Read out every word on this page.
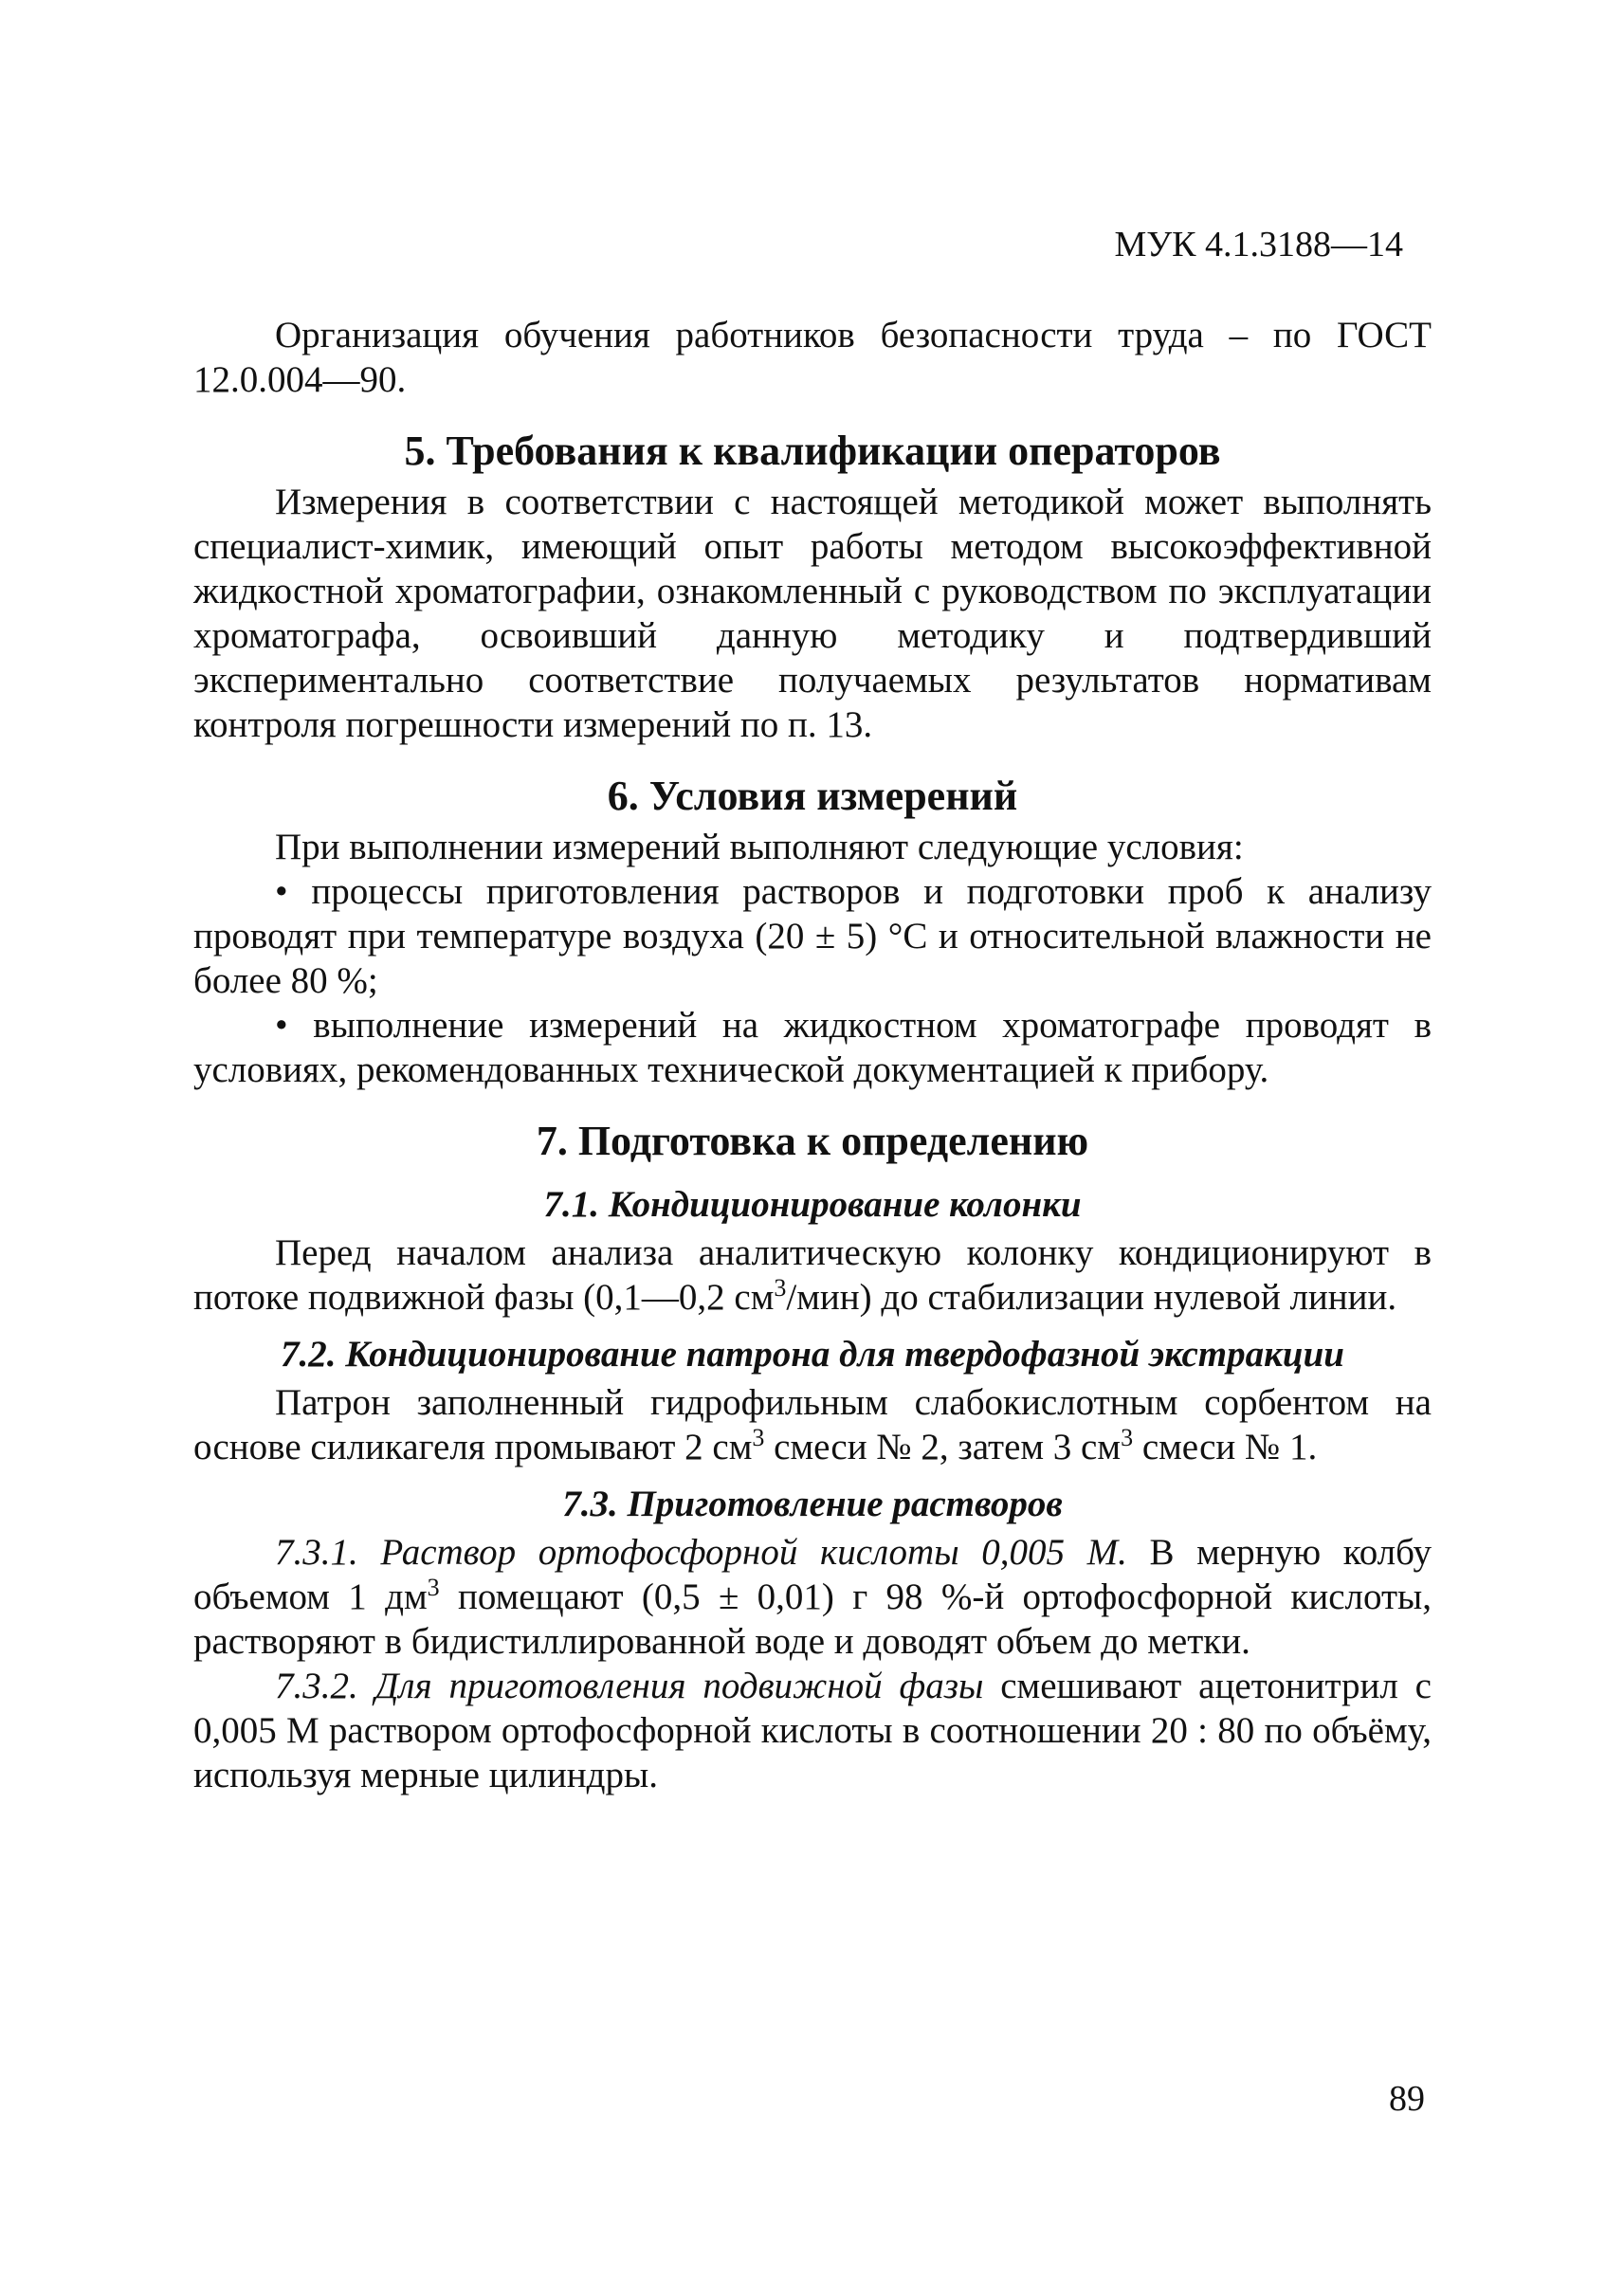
МУК 4.1.3188—14

Организация обучения работников безопасности труда – по ГОСТ 12.0.004—90.

5. Требования к квалификации операторов

Измерения в соответствии с настоящей методикой может выполнять специалист-химик, имеющий опыт работы методом высокоэффективной жидкостной хроматографии, ознакомленный с руководством по эксплуатации хроматографа, освоивший данную методику и подтвердивший экспериментально соответствие получаемых результатов нормативам контроля погрешности измерений по п. 13.

6. Условия измерений

При выполнении измерений выполняют следующие условия:

• процессы приготовления растворов и подготовки проб к анализу проводят при температуре воздуха (20 ± 5) °С и относительной влажности не более 80 %;

• выполнение измерений на жидкостном хроматографе проводят в условиях, рекомендованных технической документацией к прибору.

7. Подготовка к определению
7.1. Кондиционирование колонки

Перед началом анализа аналитическую колонку кондиционируют в потоке подвижной фазы (0,1—0,2 $см^3/мин$) до стабилизации нулевой линии.

7.2. Кондиционирование патрона для твердофазной экстракции

Патрон заполненный гидрофильным слабокислотным сорбентом на основе силикагеля промывают 2 $см^3$ смеси № 2, затем 3 $см^3$ смеси № 1.

7.3. Приготовление растворов

7.3.1. Раствор ортофосфорной кислоты 0,005 М. В мерную колбу объемом 1 $дм^3$ помещают (0,5 ± 0,01) г 98 %-й ортофосфорной кислоты, растворяют в бидистиллированной воде и доводят объем до метки.

7.3.2. Для приготовления подвижной фазы смешивают ацетонитрил с 0,005 М раствором ортофосфорной кислоты в соотношении 20 : 80 по объёму, используя мерные цилиндры.

89
